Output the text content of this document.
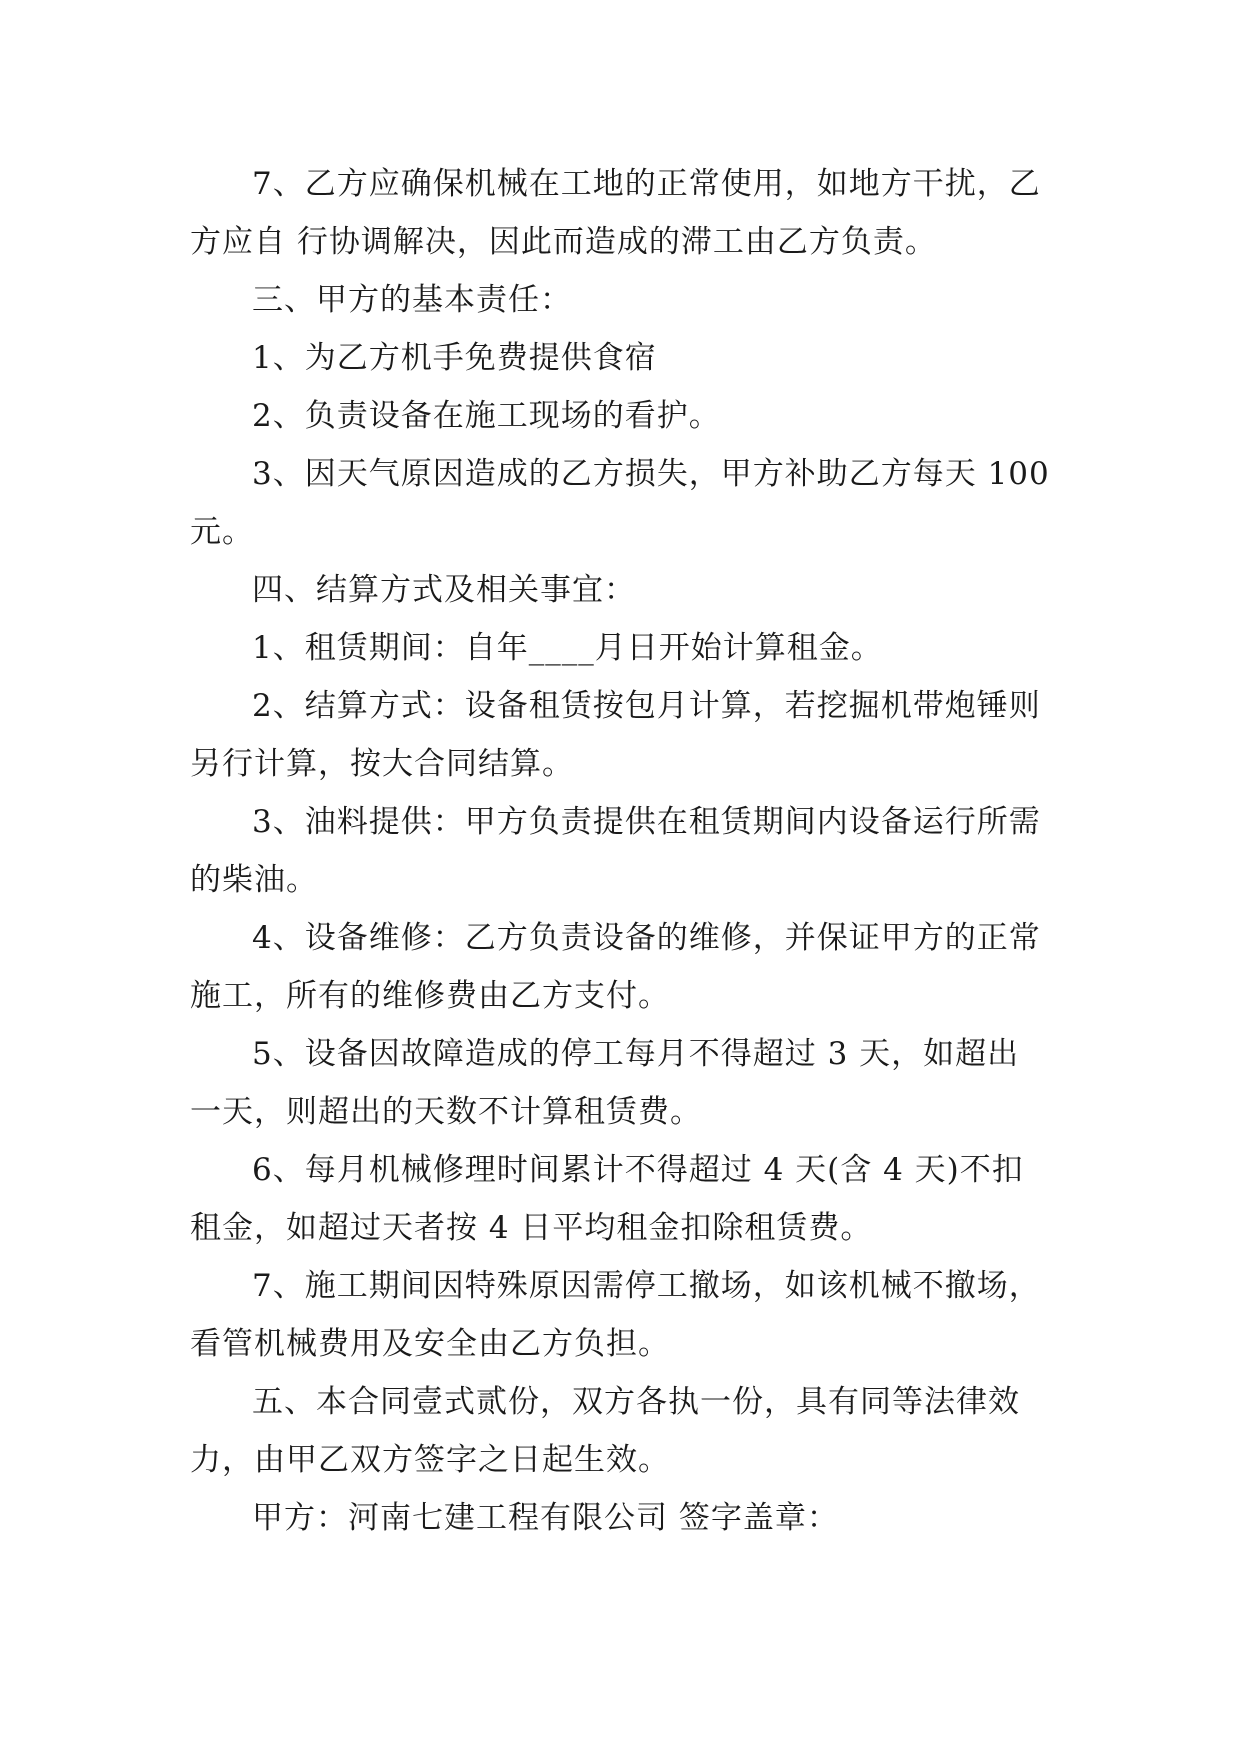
7、乙方应确保机械在工地的正常使用，如地方干扰，乙方应自 行协调解决，因此而造成的滞工由乙方负责。

三、甲方的基本责任：

1、为乙方机手免费提供食宿

2、负责设备在施工现场的看护。

3、因天气原因造成的乙方损失，甲方补助乙方每天 100 元。

四、结算方式及相关事宜：

1、租赁期间：自年____月日开始计算租金。

2、结算方式：设备租赁按包月计算，若挖掘机带炮锤则另行计算，按大合同结算。

3、油料提供：甲方负责提供在租赁期间内设备运行所需的柴油。

4、设备维修：乙方负责设备的维修，并保证甲方的正常施工，所有的维修费由乙方支付。

5、设备因故障造成的停工每月不得超过 3 天，如超出一天，则超出的天数不计算租赁费。

6、每月机械修理时间累计不得超过 4 天(含 4 天)不扣租金，如超过天者按 4 日平均租金扣除租赁费。

7、施工期间因特殊原因需停工撤场，如该机械不撤场，看管机械费用及安全由乙方负担。

五、本合同壹式贰份，双方各执一份，具有同等法律效力，由甲乙双方签字之日起生效。

甲方：河南七建工程有限公司 签字盖章：
